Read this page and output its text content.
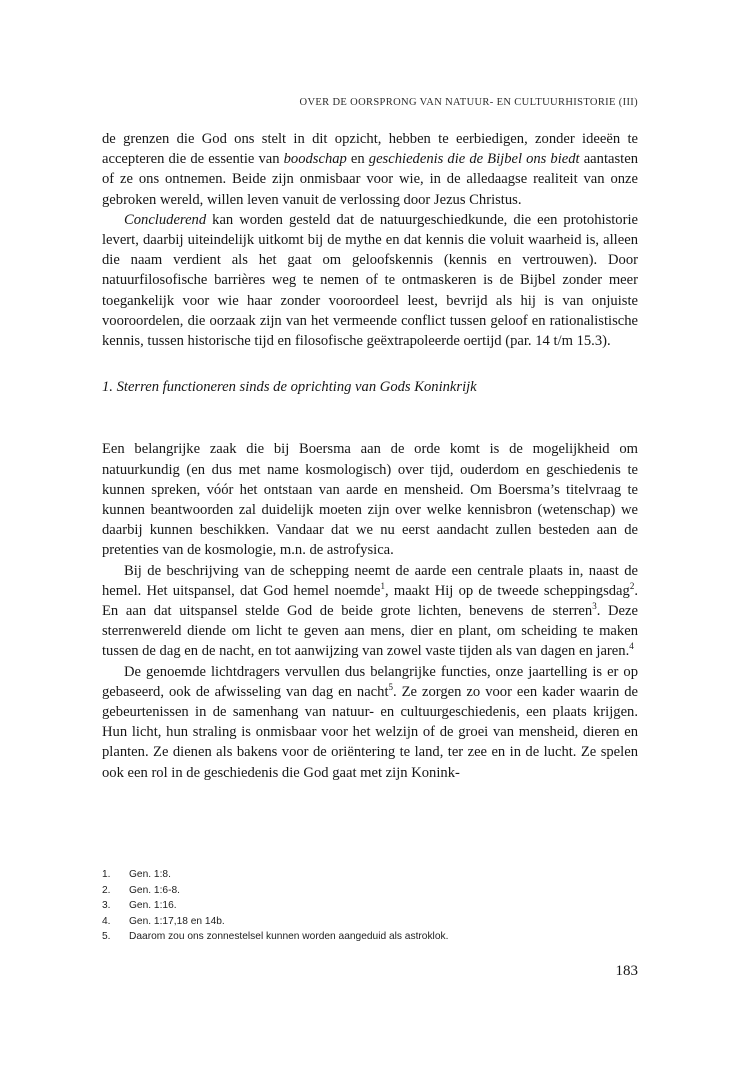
OVER DE OORSPRONG VAN NATUUR- EN CULTUURHISTORIE (III)

de grenzen die God ons stelt in dit opzicht, hebben te eerbiedigen, zonder ideeën te accepteren die de essentie van boodschap en geschiedenis die de Bijbel ons biedt aantasten of ze ons ontnemen. Beide zijn onmisbaar voor wie, in de alledaagse realiteit van onze gebroken wereld, willen leven vanuit de verlossing door Jezus Christus.

Concluderend kan worden gesteld dat de natuurgeschiedkunde, die een protohistorie levert, daarbij uiteindelijk uitkomt bij de mythe en dat kennis die voluit waarheid is, alleen die naam verdient als het gaat om geloofskennis (kennis en vertrouwen). Door natuurfilosofische barrières weg te nemen of te ontmaskeren is de Bijbel zonder meer toegankelijk voor wie haar zonder vooroordeel leest, bevrijd als hij is van onjuiste vooroordelen, die oorzaak zijn van het vermeende conflict tussen geloof en rationalistische kennis, tussen historische tijd en filosofische geëxtrapoleerde oertijd (par. 14 t/m 15.3).

1. Sterren functioneren sinds de oprichting van Gods Koninkrijk

Een belangrijke zaak die bij Boersma aan de orde komt is de mogelijkheid om natuurkundig (en dus met name kosmologisch) over tijd, ouderdom en geschiedenis te kunnen spreken, vóór het ontstaan van aarde en mensheid. Om Boersma’s titelvraag te kunnen beantwoorden zal duidelijk moeten zijn over welke kennisbron (wetenschap) we daarbij kunnen beschikken. Vandaar dat we nu eerst aandacht zullen besteden aan de pretenties van de kosmologie, m.n. de astrofysica.

Bij de beschrijving van de schepping neemt de aarde een centrale plaats in, naast de hemel. Het uitspansel, dat God hemel noemde$^1$, maakt Hij op de tweede scheppingsdag$^2$. En aan dat uitspansel stelde God de beide grote lichten, benevens de sterren$^3$. Deze sterrenwereld diende om licht te geven aan mens, dier en plant, om scheiding te maken tussen de dag en de nacht, en tot aanwijzing van zowel vaste tijden als van dagen en jaren.$^4$

De genoemde lichtdragers vervullen dus belangrijke functies, onze jaartelling is er op gebaseerd, ook de afwisseling van dag en nacht$^5$. Ze zorgen zo voor een kader waarin de gebeurtenissen in de samenhang van natuur- en cultuurgeschiedenis, een plaats krijgen. Hun licht, hun straling is onmisbaar voor het welzijn of de groei van mensheid, dieren en planten. Ze dienen als bakens voor de oriëntering te land, ter zee en in de lucht. Ze spelen ook een rol in de geschiedenis die God gaat met zijn Konink-

1.	Gen. 1:8.
2.	Gen. 1:6-8.
3.	Gen. 1:16.
4.	Gen. 1:17,18 en 14b.
5.	Daarom zou ons zonnestelsel kunnen worden aangeduid als astroklok.
183
